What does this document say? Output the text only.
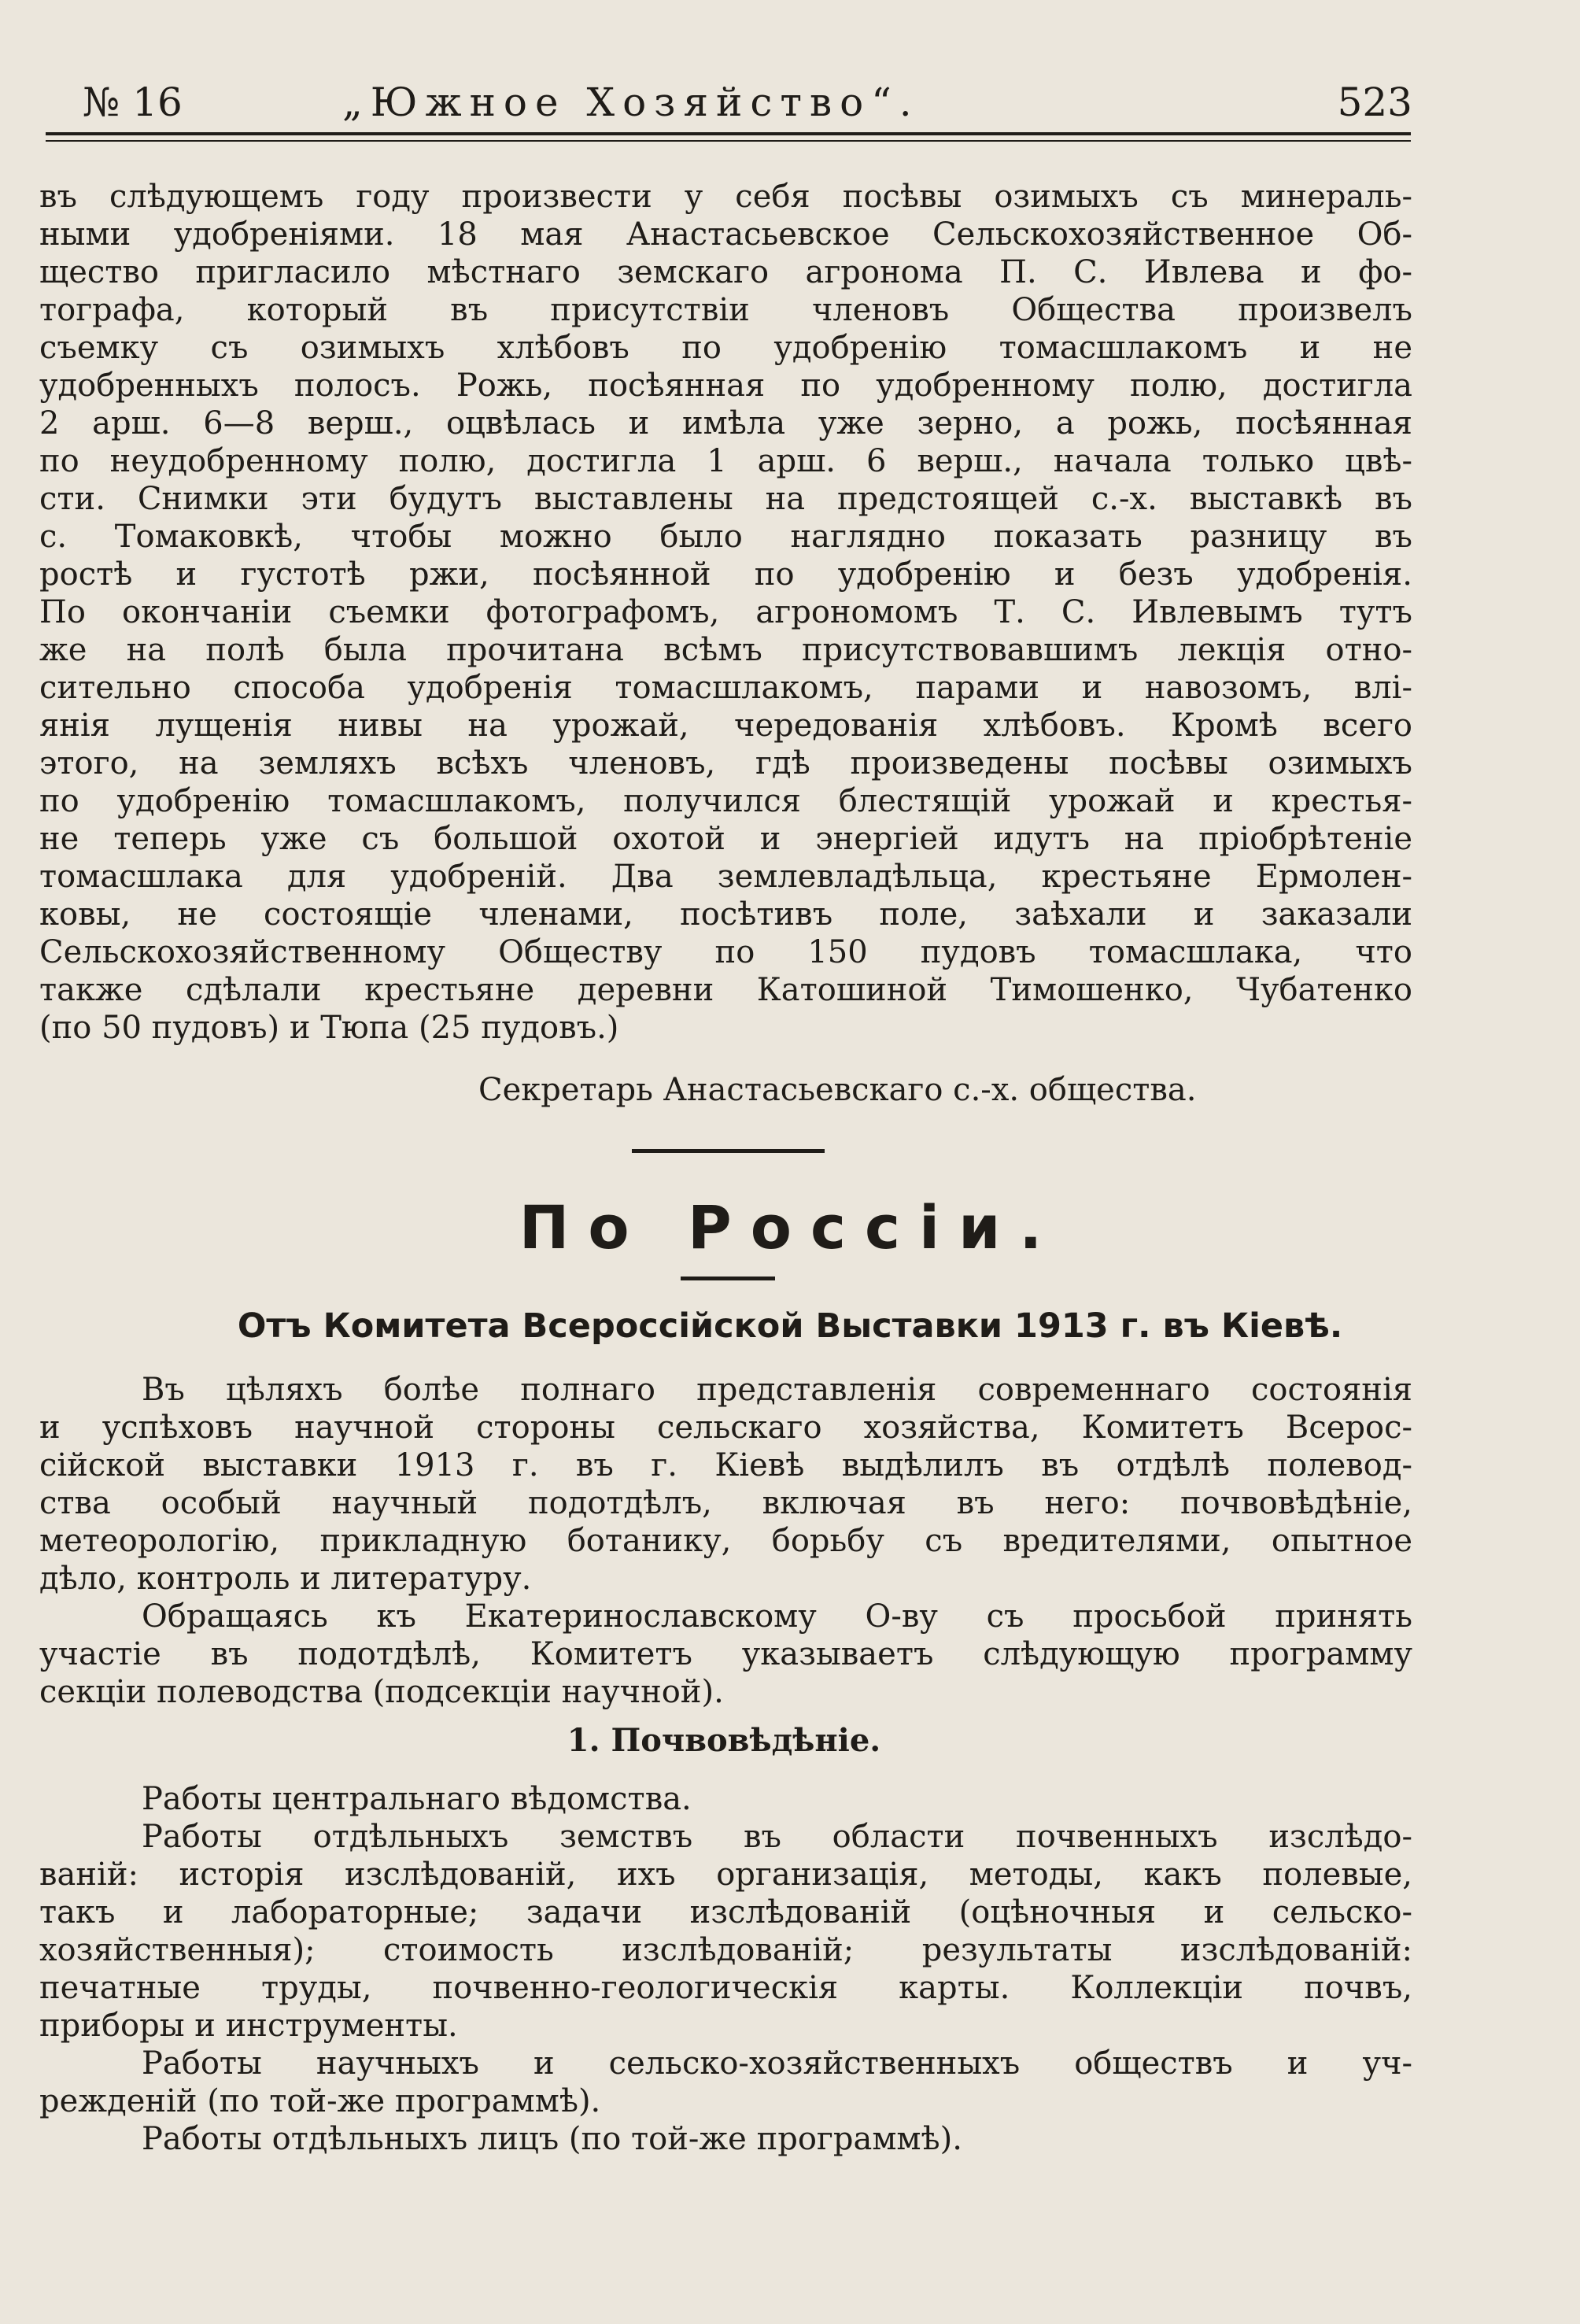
№ 16	„Южное Хозяйство“.	523
въ слѣдующемъ году произвести у себя посѣвы озимыхъ съ минераль-
ными удобреніями. 18 мая Анастасьевское Сельскохозяйственное Об-
щество пригласило мѣстнаго земскаго агронома П. С. Ивлева и фо-
тографа, который въ присутствіи членовъ Общества произвелъ
съемку съ озимыхъ хлѣбовъ по удобренію томасшлакомъ и не
удобренныхъ полосъ. Рожь, посѣянная по удобренному полю, достигла
2 арш. 6—8 верш., оцвѣлась и имѣла уже зерно, а рожь, посѣянная
по неудобренному полю, достигла 1 арш. 6 верш., начала только цвѣ-
сти. Снимки эти будутъ выставлены на предстоящей с.-х. выставкѣ въ
с. Томаковкѣ, чтобы можно было наглядно показать разницу въ
ростѣ и густотѣ ржи, посѣянной по удобренію и безъ удобренія.
По окончаніи съемки фотографомъ, агрономомъ Т. С. Ивлевымъ тутъ
же на полѣ была прочитана всѣмъ присутствовавшимъ лекція отно-
сительно способа удобренія томасшлакомъ, парами и навозомъ, влі-
янія лущенія нивы на урожай, чередованія хлѣбовъ. Кромѣ всего
этого, на земляхъ всѣхъ членовъ, гдѣ произведены посѣвы озимыхъ
по удобренію томасшлакомъ, получился блестящій урожай и крестья-
не теперь уже съ большой охотой и энергіей идутъ на пріобрѣтеніе
томасшлака для удобреній. Два землевладѣльца, крестьяне Ермолен-
ковы, не состоящіе членами, посѣтивъ поле, заѣхали и заказали
Сельскохозяйственному Обществу по 150 пудовъ томасшлака, что
также сдѣлали крестьяне деревни Катошиной Тимошенко, Чубатенко
(по 50 пудовъ) и Тюпа (25 пудовъ.)
Секретарь Анастасьевскаго с.-х. общества.
По Россіи.
Отъ Комитета Всероссійской Выставки 1913 г. въ Кіевѣ.
Въ цѣляхъ болѣе полнаго представленія современнаго состоянія
и успѣховъ научной стороны сельскаго хозяйства, Комитетъ Всерос-
сійской выставки 1913 г. въ г. Кіевѣ выдѣлилъ въ отдѣлѣ полевод-
ства особый научный подотдѣлъ, включая въ него: почвовѣдѣніе,
метеорологію, прикладную ботанику, борьбу съ вредителями, опытное
дѣло, контроль и литературу.
Обращаясь къ Екатеринославскому О-ву съ просьбой принять
участіе въ подотдѣлѣ, Комитетъ указываетъ слѣдующую программу
секціи полеводства (подсекціи научной).
1. Почвовѣдѣніе.
Работы центральнаго вѣдомства.
Работы отдѣльныхъ земствъ въ области почвенныхъ изслѣдо-
ваній: исторія изслѣдованій, ихъ организація, методы, какъ полевые,
такъ и лабораторные; задачи изслѣдованій (оцѣночныя и сельско-
хозяйственныя); стоимость изслѣдованій; результаты изслѣдованій:
печатные труды, почвенно-геологическія карты. Коллекціи почвъ,
приборы и инструменты.
Работы научныхъ и сельско-хозяйственныхъ обществъ и уч-
режденій (по той-же программѣ).
Работы отдѣльныхъ лицъ (по той-же программѣ).
